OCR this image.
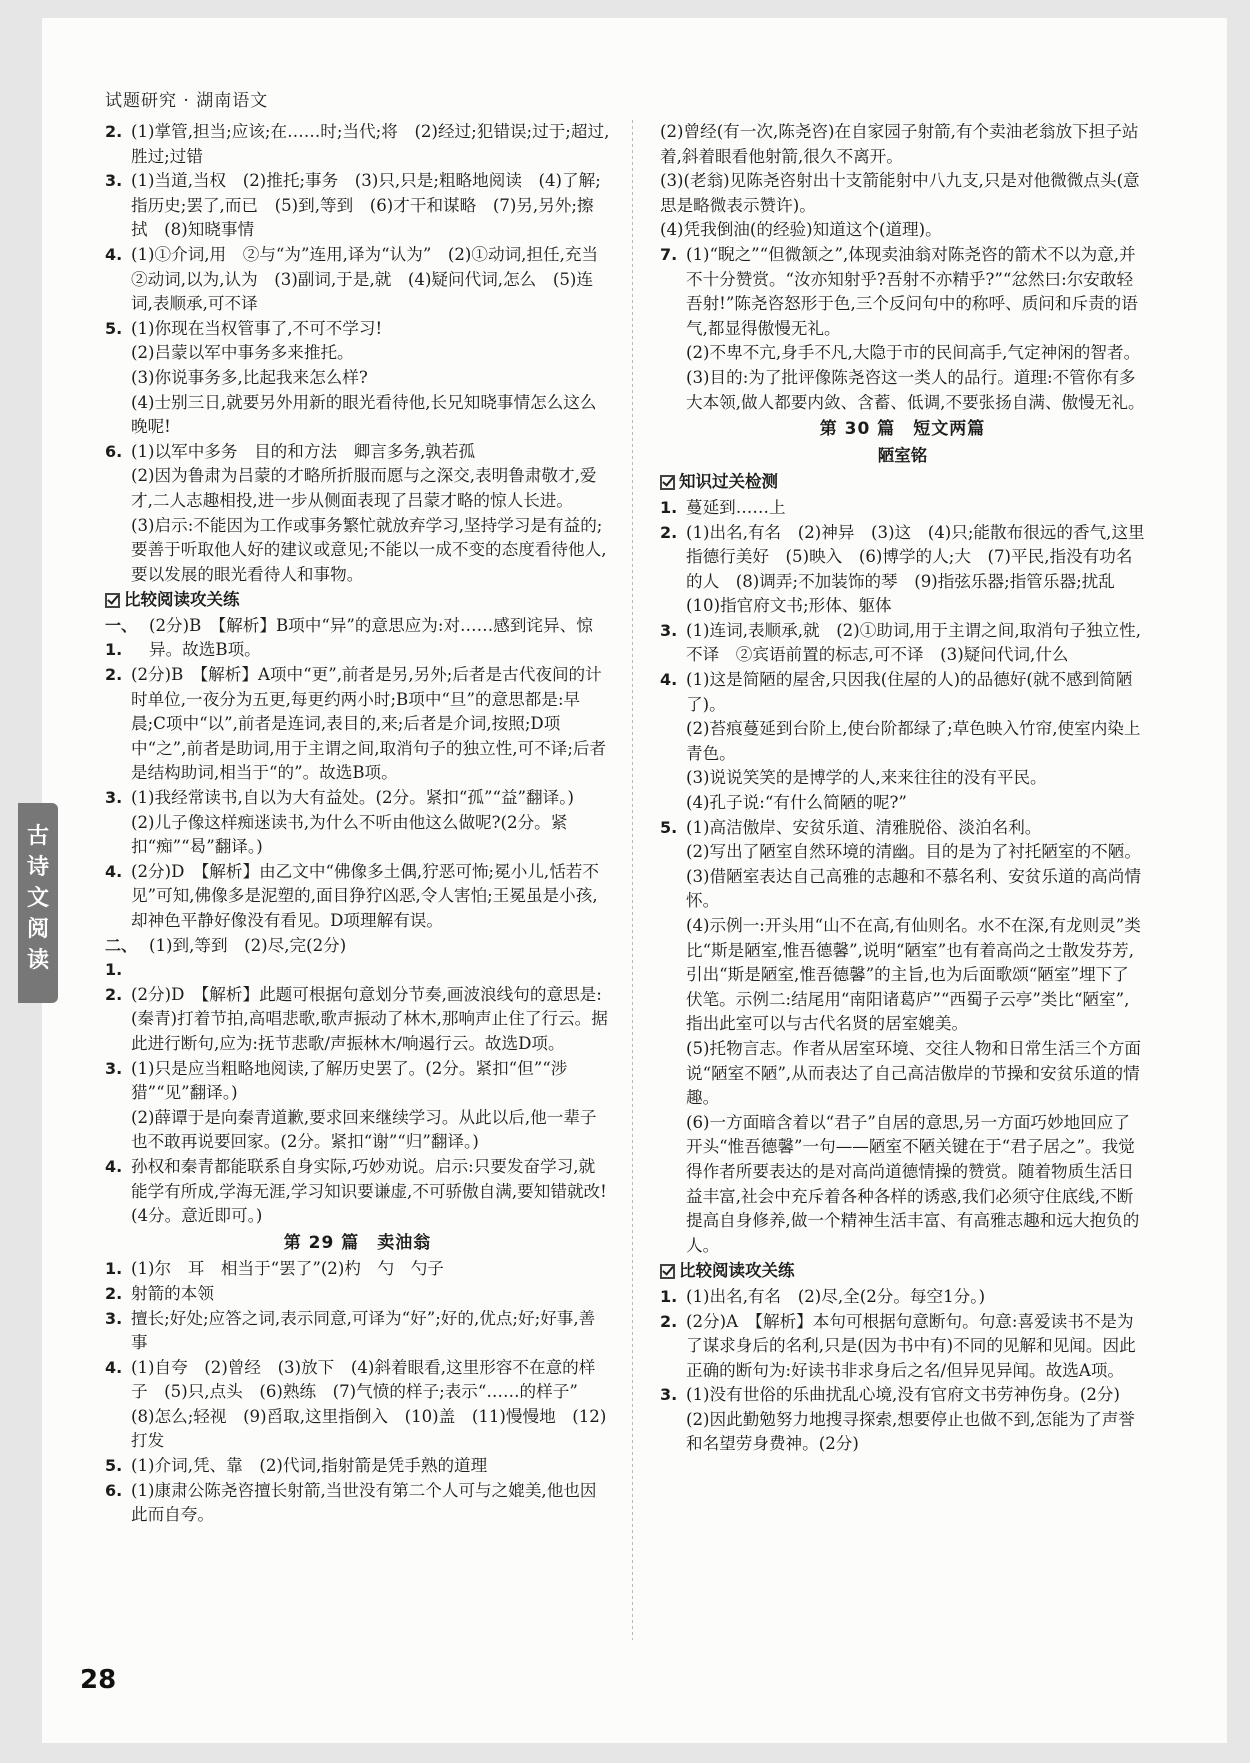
试题研究 · 湖南语文
2. (1)掌管,担当;应该;在……时;当代;将　(2)经过;犯错误;过于;超过,胜过;过错
3. (1)当道,当权　(2)推托;事务　(3)只,只是;粗略地阅读　(4)了解;指历史;罢了,而已　(5)到,等到　(6)才干和谋略　(7)另,另外;擦拭　(8)知晓事情
4. (1)①介词,用　②与“为”连用,译为“认为”　(2)①动词,担任,充当　②动词,以为,认为　(3)副词,于是,就　(4)疑问代词,怎么　(5)连词,表顺承,可不译
5. (1)你现在当权管事了,不可不学习!
(2)吕蒙以军中事务多来推托。
(3)你说事务多,比起我来怎么样?
(4)士别三日,就要另外用新的眼光看待他,长兄知晓事情怎么这么晚呢!
6. (1)以军中多务　目的和方法　卿言多务,孰若孤
(2)因为鲁肃为吕蒙的才略所折服而愿与之深交,表明鲁肃敬才,爱才,二人志趣相投,进一步从侧面表现了吕蒙才略的惊人长进。
(3)启示:不能因为工作或事务繁忙就放弃学习,坚持学习是有益的;要善于听取他人好的建议或意见;不能以一成不变的态度看待他人,要以发展的眼光看待人和事物。
比较阅读攻关练
一、1.
(2分)B　【解析】B项中“异”的意思应为:对……感到诧异、惊异。故选B项。
2. (2分)B　【解析】A项中“更”,前者是另,另外;后者是古代夜间的计时单位,一夜分为五更,每更约两小时;B项中“旦”的意思都是:早晨;C项中“以”,前者是连词,表目的,来;后者是介词,按照;D项中“之”,前者是助词,用于主谓之间,取消句子的独立性,可不译;后者是结构助词,相当于“的”。故选B项。
3. (1)我经常读书,自以为大有益处。(2分。紧扣“孤”“益”翻译。)
(2)儿子像这样痴迷读书,为什么不听由他这么做呢?(2分。紧扣“痴”“曷”翻译。)
4. (2分)D　【解析】由乙文中“佛像多土偶,狞恶可怖;冕小儿,恬若不见”可知,佛像多是泥塑的,面目狰狞凶恶,令人害怕;王冕虽是小孩,却神色平静好像没有看见。D项理解有误。
二、1.
(1)到,等到　(2)尽,完(2分)
2. (2分)D　【解析】此题可根据句意划分节奏,画波浪线句的意思是:(秦青)打着节拍,高唱悲歌,歌声振动了林木,那响声止住了行云。据此进行断句,应为:抚节悲歌/声振林木/响遏行云。故选D项。
3. (1)只是应当粗略地阅读,了解历史罢了。(2分。紧扣“但”“涉猎”“见”翻译。)
(2)薛谭于是向秦青道歉,要求回来继续学习。从此以后,他一辈子也不敢再说要回家。(2分。紧扣“谢”“归”翻译。)
4. 孙权和秦青都能联系自身实际,巧妙劝说。启示:只要发奋学习,就能学有所成,学海无涯,学习知识要谦虚,不可骄傲自满,要知错就改!(4分。意近即可。)
第 29 篇　卖油翁
1. (1)尔　耳　相当于“罢了”(2)杓　勺　勺子
2. 射箭的本领
3. 擅长;好处;应答之词,表示同意,可译为“好”;好的,优点;好;好事,善事
4. (1)自夸　(2)曾经　(3)放下　(4)斜着眼看,这里形容不在意的样子　(5)只,点头　(6)熟练　(7)气愤的样子;表示“……的样子”　(8)怎么;轻视　(9)舀取,这里指倒入　(10)盖　(11)慢慢地　(12)打发
5. (1)介词,凭、靠　(2)代词,指射箭是凭手熟的道理
6. (1)康肃公陈尧咨擅长射箭,当世没有第二个人可与之媲美,他也因此而自夸。
(2)曾经(有一次,陈尧咨)在自家园子射箭,有个卖油老翁放下担子站着,斜着眼看他射箭,很久不离开。
(3)(老翁)见陈尧咨射出十支箭能射中八九支,只是对他微微点头(意思是略微表示赞许)。
(4)凭我倒油(的经验)知道这个(道理)。
7. (1)“睨之”“但微颔之”,体现卖油翁对陈尧咨的箭术不以为意,并不十分赞赏。“汝亦知射乎?吾射不亦精乎?”“忿然曰:尔安敢轻吾射!”陈尧咨怒形于色,三个反问句中的称呼、质问和斥责的语气,都显得傲慢无礼。
(2)不卑不亢,身手不凡,大隐于市的民间高手,气定神闲的智者。
(3)目的:为了批评像陈尧咨这一类人的品行。道理:不管你有多大本领,做人都要内敛、含蓄、低调,不要张扬自满、傲慢无礼。
第 30 篇　短文两篇
陋室铭
知识过关检测
1. 蔓延到……上
2. (1)出名,有名　(2)神异　(3)这　(4)只;能散布很远的香气,这里指德行美好　(5)映入　(6)博学的人;大　(7)平民,指没有功名的人　(8)调弄;不加装饰的琴　(9)指弦乐器;指管乐器;扰乱　(10)指官府文书;形体、躯体
3. (1)连词,表顺承,就　(2)①助词,用于主谓之间,取消句子独立性,不译　②宾语前置的标志,可不译　(3)疑问代词,什么
4. (1)这是简陋的屋舍,只因我(住屋的人)的品德好(就不感到简陋了)。
(2)苔痕蔓延到台阶上,使台阶都绿了;草色映入竹帘,使室内染上青色。
(3)说说笑笑的是博学的人,来来往往的没有平民。
(4)孔子说:“有什么简陋的呢?”
5. (1)高洁傲岸、安贫乐道、清雅脱俗、淡泊名利。
(2)写出了陋室自然环境的清幽。目的是为了衬托陋室的不陋。
(3)借陋室表达自己高雅的志趣和不慕名利、安贫乐道的高尚情怀。
(4)示例一:开头用“山不在高,有仙则名。水不在深,有龙则灵”类比“斯是陋室,惟吾德馨”,说明“陋室”也有着高尚之士散发芬芳,引出“斯是陋室,惟吾德馨”的主旨,也为后面歌颂“陋室”埋下了伏笔。示例二:结尾用“南阳诸葛庐”“西蜀子云亭”类比“陋室”,指出此室可以与古代名贤的居室媲美。
(5)托物言志。作者从居室环境、交往人物和日常生活三个方面说“陋室不陋”,从而表达了自己高洁傲岸的节操和安贫乐道的情趣。
(6)一方面暗含着以“君子”自居的意思,另一方面巧妙地回应了开头“惟吾德馨”一句——陋室不陋关键在于“君子居之”。我觉得作者所要表达的是对高尚道德情操的赞赏。随着物质生活日益丰富,社会中充斥着各种各样的诱惑,我们必须守住底线,不断提高自身修养,做一个精神生活丰富、有高雅志趣和远大抱负的人。
比较阅读攻关练
1. (1)出名,有名　(2)尽,全(2分。每空1分。)
2. (2分)A　【解析】本句可根据句意断句。句意:喜爱读书不是为了谋求身后的名利,只是(因为书中有)不同的见解和见闻。因此正确的断句为:好读书非求身后之名/但异见异闻。故选A项。
3. (1)没有世俗的乐曲扰乱心境,没有官府文书劳神伤身。(2分)
(2)因此勤勉努力地搜寻探索,想要停止也做不到,怎能为了声誉和名望劳身费神。(2分)
古诗文阅读
28
